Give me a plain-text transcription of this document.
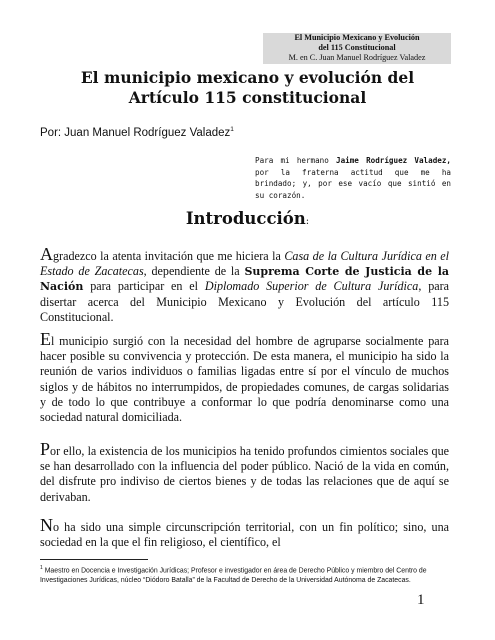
El Municipio Mexicano y Evolución
del 115 Constitucional
M. en C. Juan Manuel Rodríguez Valadez
El municipio mexicano y evolución del
Artículo 115 constitucional
Por: Juan Manuel Rodríguez Valadez$^1$
Para mi hermano Jaime Rodríguez Valadez, por la fraterna actitud que me ha brindado; y, por ese vacío que sintió en su corazón.
Introducción:
Agradezco la atenta invitación que me hiciera la Casa de la Cultura Jurídica en el Estado de Zacatecas, dependiente de la Suprema Corte de Justicia de la Nación para participar en el Diplomado Superior de Cultura Jurídica, para disertar acerca del Municipio Mexicano y Evolución del artículo 115 Constitucional.
El municipio surgió con la necesidad del hombre de agruparse socialmente para hacer posible su convivencia y protección. De esta manera, el municipio ha sido la reunión de varios individuos o familias ligadas entre sí por el vínculo de muchos siglos y de hábitos no interrumpidos, de propiedades comunes, de cargas solidarias y de todo lo que contribuye a conformar lo que podría denominarse como una sociedad natural domiciliada.
Por ello, la existencia de los municipios ha tenido profundos cimientos sociales que se han desarrollado con la influencia del poder público. Nació de la vida en común, del disfrute pro indiviso de ciertos bienes y de todas las relaciones que de aquí se derivaban.
No ha sido una simple circunscripción territorial, con un fin político; sino, una sociedad en la que el fin religioso, el científico, el
$^1$ Maestro en Docencia e Investigación Jurídicas; Profesor e investigador en área de Derecho Público y miembro del Centro de Investigaciones Jurídicas, núcleo “Diódoro Batalla” de la Facultad de Derecho de la Universidad Autónoma de Zacatecas.
1
